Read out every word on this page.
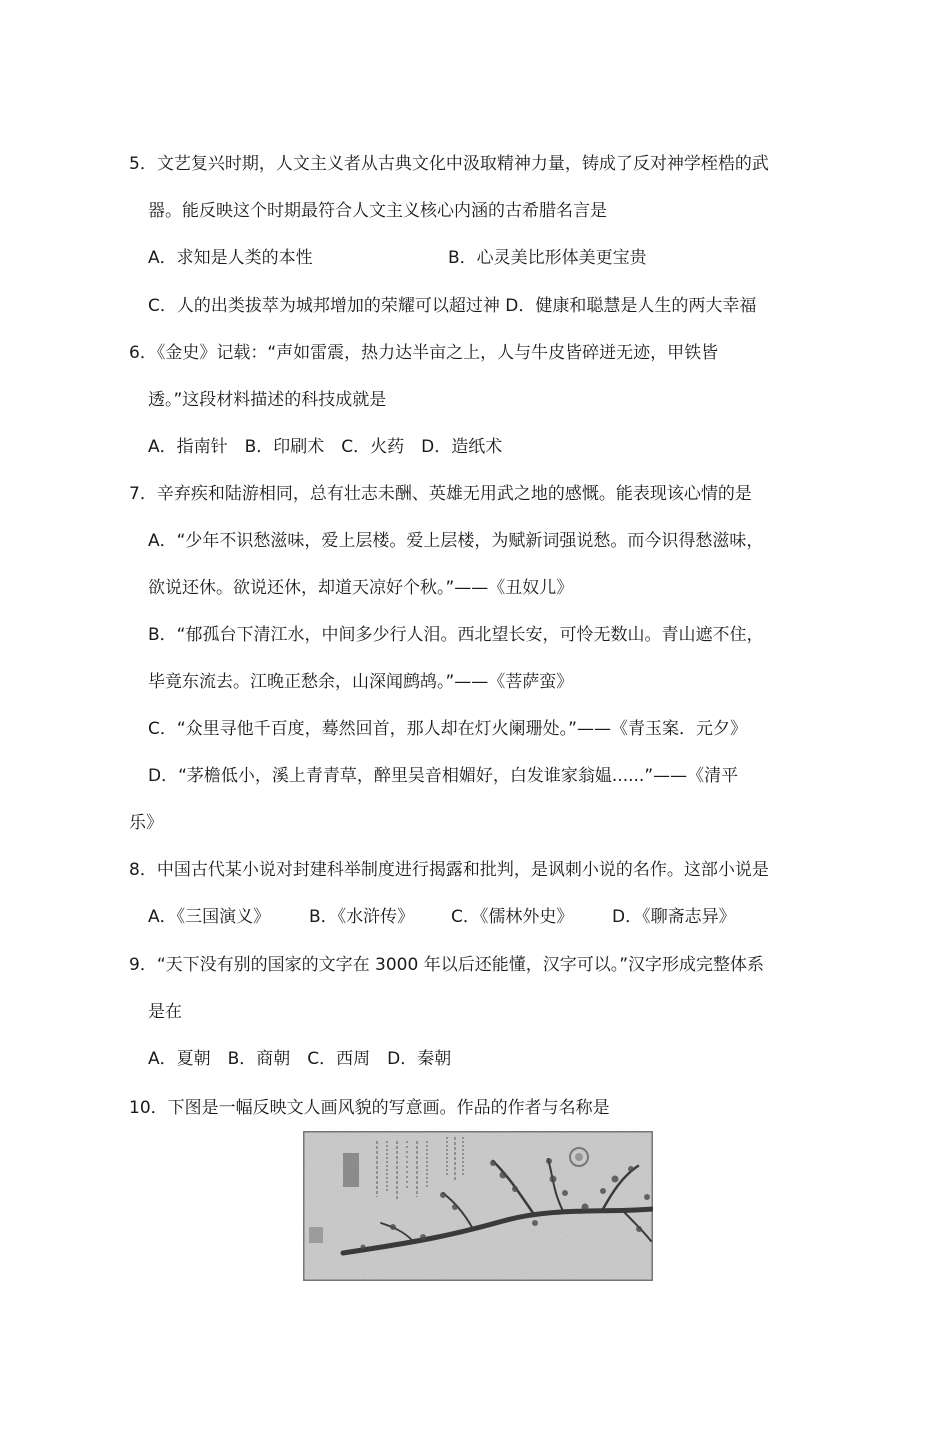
5．文艺复兴时期，人文主义者从古典文化中汲取精神力量，铸成了反对神学桎梏的武
器。能反映这个时期最符合人文主义核心内涵的古希腊名言是
A．求知是人类的本性	B．心灵美比形体美更宝贵
C．人的出类拔萃为城邦增加的荣耀可以超过神 D．健康和聪慧是人生的两大幸福
6．《金史》记载：“声如雷震，热力达半亩之上，人与牛皮皆碎迸无迹，甲铁皆
透。”这段材料描述的科技成就是
A．指南针　B．印刷术　C．火药　D．造纸术
7．辛弃疾和陆游相同，总有壮志未酬、英雄无用武之地的感慨。能表现该心情的是
A．“少年不识愁滋味，爱上层楼。爱上层楼，为赋新词强说愁。而今识得愁滋味，
欲说还休。欲说还休，却道天凉好个秋。”——《丑奴儿》
B．“郁孤台下清江水，中间多少行人泪。西北望长安，可怜无数山。青山遮不住，
毕竟东流去。江晚正愁余，山深闻鹧鸪。”——《菩萨蛮》
C．“众里寻他千百度，蓦然回首，那人却在灯火阑珊处。”——《青玉案．元夕》
D．“茅檐低小，溪上青青草，醉里吴音相媚好，白发谁家翁媪......”——《清平
乐》
8．中国古代某小说对封建科举制度进行揭露和批判，是讽刺小说的名作。这部小说是
A．《三国演义》 B．《水浒传》 C．《儒林外史》 D．《聊斋志异》
9．“天下没有别的国家的文字在 3000 年以后还能懂，汉字可以。”汉字形成完整体系
是在
A．夏朝　B．商朝　C．西周　D．秦朝
10．下图是一幅反映文人画风貌的写意画。作品的作者与名称是
